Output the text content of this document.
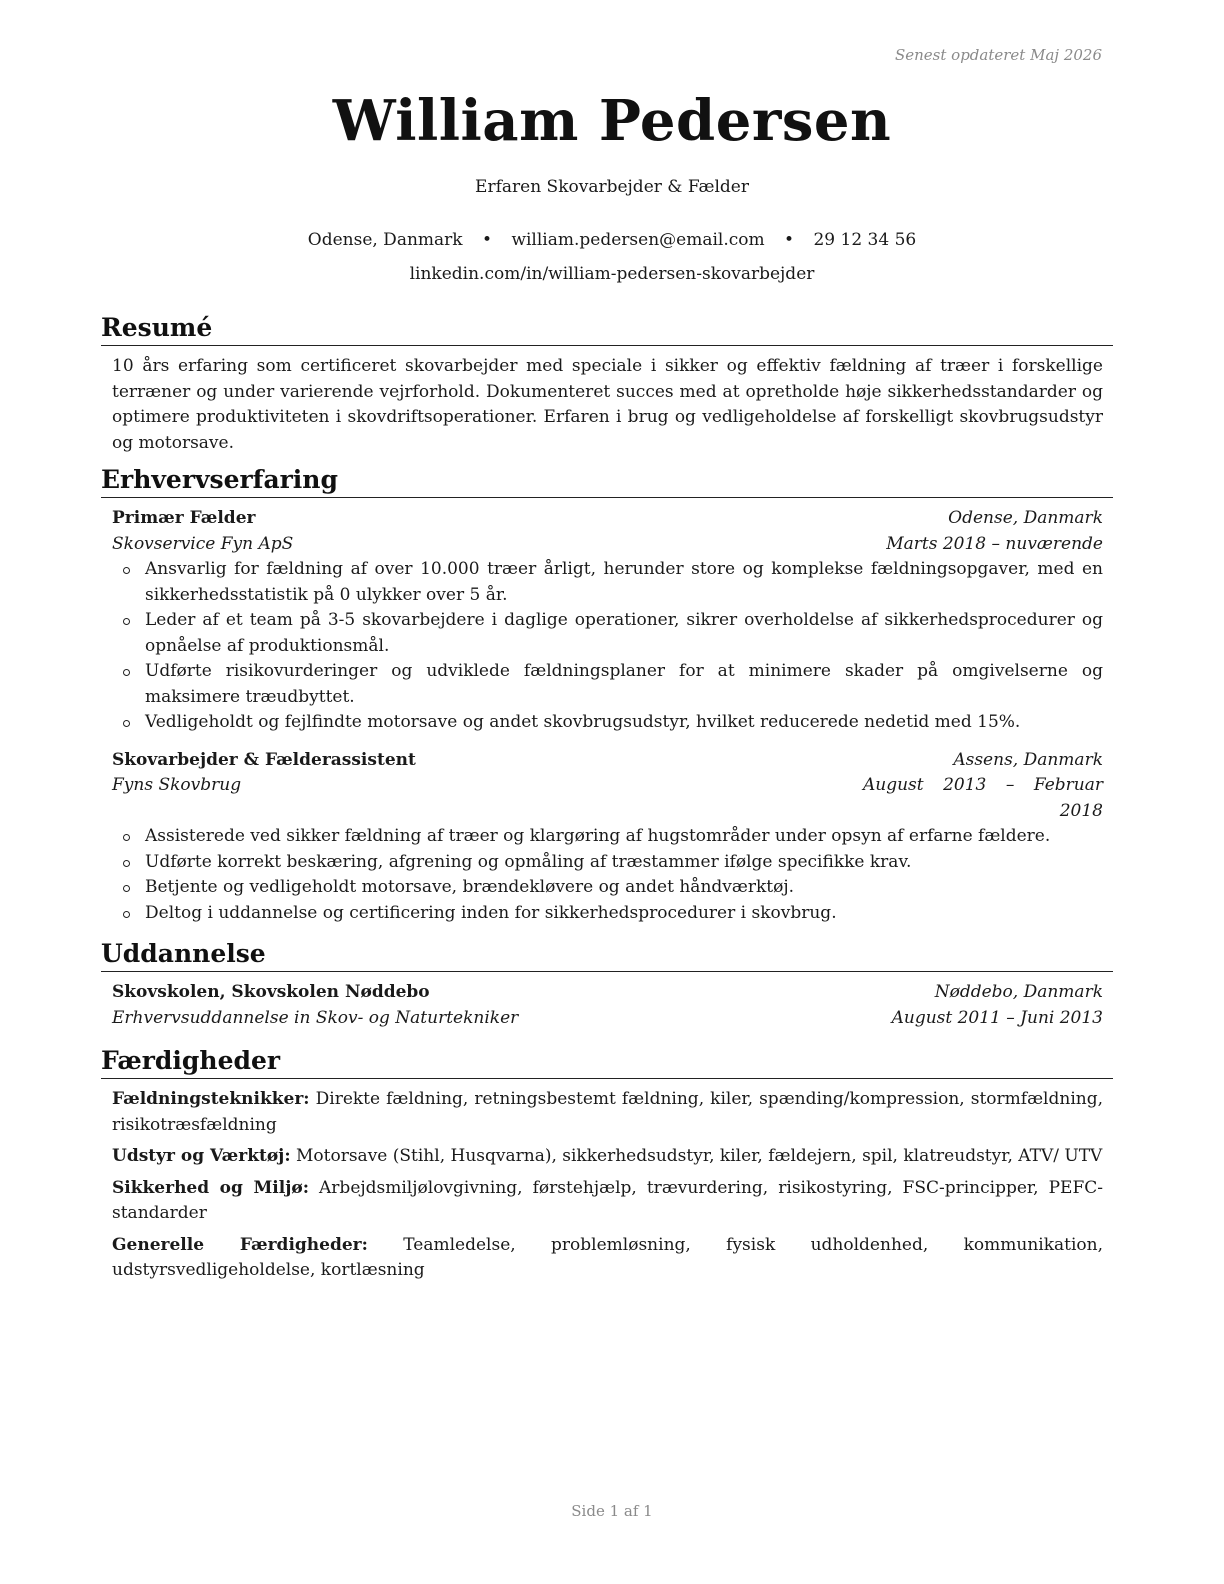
Senest opdateret Maj 2026
William Pedersen
Erfaren Skovarbejder & Fælder
Odense, Danmark • william.pedersen@email.com • 29 12 34 56
linkedin.com/in/william-pedersen-skovarbejder
Resumé

10 års erfaring som certificeret skovarbejder med speciale i sikker og effektiv fældning af træer i forskellige terræner og under varierende vejrforhold. Dokumenteret succes med at opretholde høje sikkerhedsstandarder og optimere produktiviteten i skovdriftsoperationer. Erfaren i brug og vedligeholdelse af forskelligt skovbrugsudstyr og motorsave.

Erhvervserfaring
Primær Fælder	Odense, Danmark
Skovservice Fyn ApS	Marts 2018 – nuværende
Ansvarlig for fældning af over 10.000 træer årligt, herunder store og komplekse fældningsopgaver, med en sikkerhedsstatistik på 0 ulykker over 5 år.
Leder af et team på 3-5 skovarbejdere i daglige operationer, sikrer overholdelse af sikkerhedsprocedurer og opnåelse af produktionsmål.
Udførte risikovurderinger og udviklede fældningsplaner for at minimere skader på omgivelserne og maksimere træudbyttet.
Vedligeholdt og fejlfindte motorsave og andet skovbrugsudstyr, hvilket reducerede nedetid med 15%.
Skovarbejder & Fælderassistent	Assens, Danmark
Fyns Skovbrug	August 2013 – Februar 2018
Assisterede ved sikker fældning af træer og klargøring af hugstområder under opsyn af erfarne fældere.
Udførte korrekt beskæring, afgrening og opmåling af træstammer ifølge specifikke krav.
Betjente og vedligeholdt motorsave, brændekløvere og andet håndværktøj.
Deltog i uddannelse og certificering inden for sikkerhedsprocedurer i skovbrug.
Uddannelse
Skovskolen, Skovskolen Nøddebo	Nøddebo, Danmark
Erhvervsuddannelse in Skov- og Naturtekniker	August 2011 – Juni 2013
Færdigheder
Fældningsteknikker: Direkte fældning, retningsbestemt fældning, kiler, spænding/kompression, stormfældning, risikotræsfældning
Udstyr og Værktøj: Motorsave (Stihl, Husqvarna), sikkerhedsudstyr, kiler, fældejern, spil, klatreudstyr, ATV/ UTV
Sikkerhed og Miljø: Arbejdsmiljølovgivning, førstehjælp, trævurdering, risikostyring, FSC-principper, PEFC-standarder
Generelle Færdigheder: Teamledelse, problemløsning, fysisk udholdenhed, kommunikation, udstyrsvedligeholdelse, kortlæsning
Side 1 af 1
